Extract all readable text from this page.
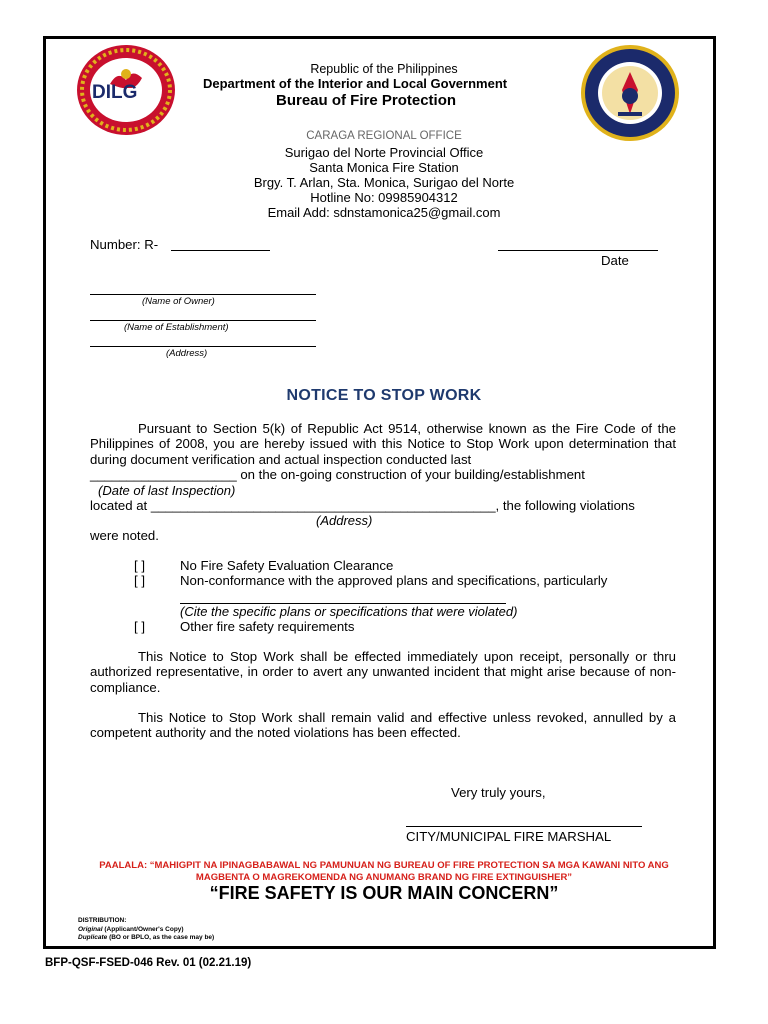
DILG
Republic of the Philippines
Department of the Interior and Local Government
Bureau of Fire Protection
CARAGA REGIONAL OFFICE
Surigao del Norte Provincial Office
Santa Monica Fire Station
Brgy. T. Arlan, Sta. Monica, Surigao del Norte
Hotline No: 09985904312
Email Add: sdnstamonica25@gmail.com
Number: R-
Date
(Name of Owner)
(Name of Establishment)
(Address)
NOTICE TO STOP WORK

Pursuant to Section 5(k) of Republic Act 9514, otherwise known as the Fire Code of the Philippines of 2008, you are hereby issued with this Notice to Stop Work upon determination that during document verification and actual inspection conducted last

____________________ on the on-going construction of your building/establishment
(Date of last Inspection)
located at _______________________________________________, the following violations
(Address)
were noted.
[ ]	No Fire Safety Evaluation Clearance
[ ]	Non-conformance with the approved plans and specifications, particularly
(Cite the specific plans or specifications that were violated)
[ ]	Other fire safety requirements

This Notice to Stop Work shall be effected immediately upon receipt, personally or thru authorized representative, in order to avert any unwanted incident that might arise because of non-compliance.

This Notice to Stop Work shall remain valid and effective unless revoked, annulled by a competent authority and the noted violations has been effected.

Very truly yours,
CITY/MUNICIPAL FIRE MARSHAL
PAALALA: “MAHIGPIT NA IPINAGBABAWAL NG PAMUNUAN NG BUREAU OF FIRE PROTECTION SA MGA KAWANI NITO ANG
MAGBENTA O MAGREKOMENDA NG ANUMANG BRAND NG FIRE EXTINGUISHER”
“FIRE SAFETY IS OUR MAIN CONCERN”
DISTRIBUTION:
Original (Applicant/Owner's Copy)
Duplicate (BO or BPLO, as the case may be)
BFP-QSF-FSED-046 Rev. 01 (02.21.19)
